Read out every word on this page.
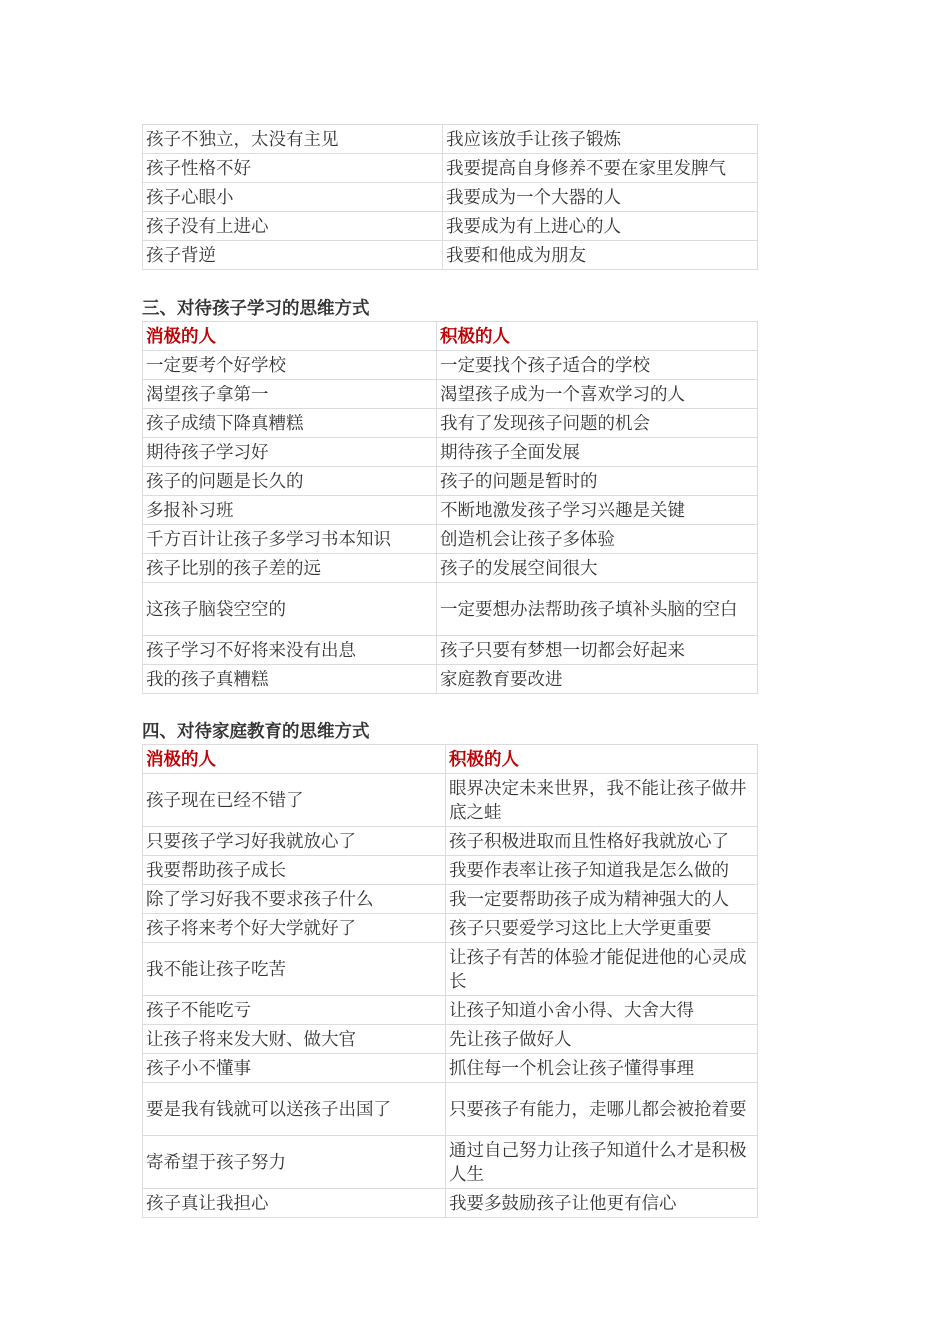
孩子不独立，太没有主见	我应该放手让孩子锻炼
孩子性格不好	我要提高自身修养不要在家里发脾气
孩子心眼小	我要成为一个大器的人
孩子没有上进心	我要成为有上进心的人
孩子背逆	我要和他成为朋友

三、对待孩子学习的思维方式

消极的人	积极的人
一定要考个好学校	一定要找个孩子适合的学校
渴望孩子拿第一	渴望孩子成为一个喜欢学习的人
孩子成绩下降真糟糕	我有了发现孩子问题的机会
期待孩子学习好	期待孩子全面发展
孩子的问题是长久的	孩子的问题是暂时的
多报补习班	不断地激发孩子学习兴趣是关键
千方百计让孩子多学习书本知识	创造机会让孩子多体验
孩子比别的孩子差的远	孩子的发展空间很大
这孩子脑袋空空的	一定要想办法帮助孩子填补头脑的空白
孩子学习不好将来没有出息	孩子只要有梦想一切都会好起来
我的孩子真糟糕	家庭教育要改进

四、对待家庭教育的思维方式

消极的人	积极的人
孩子现在已经不错了	眼界决定未来世界，我不能让孩子做井底之蛙
只要孩子学习好我就放心了	孩子积极进取而且性格好我就放心了
我要帮助孩子成长	我要作表率让孩子知道我是怎么做的
除了学习好我不要求孩子什么	我一定要帮助孩子成为精神强大的人
孩子将来考个好大学就好了	孩子只要爱学习这比上大学更重要
我不能让孩子吃苦	让孩子有苦的体验才能促进他的心灵成长
孩子不能吃亏	让孩子知道小舍小得、大舍大得
让孩子将来发大财、做大官	先让孩子做好人
孩子小不懂事	抓住每一个机会让孩子懂得事理
要是我有钱就可以送孩子出国了	只要孩子有能力，走哪儿都会被抢着要
寄希望于孩子努力	通过自己努力让孩子知道什么才是积极人生
孩子真让我担心	我要多鼓励孩子让他更有信心
